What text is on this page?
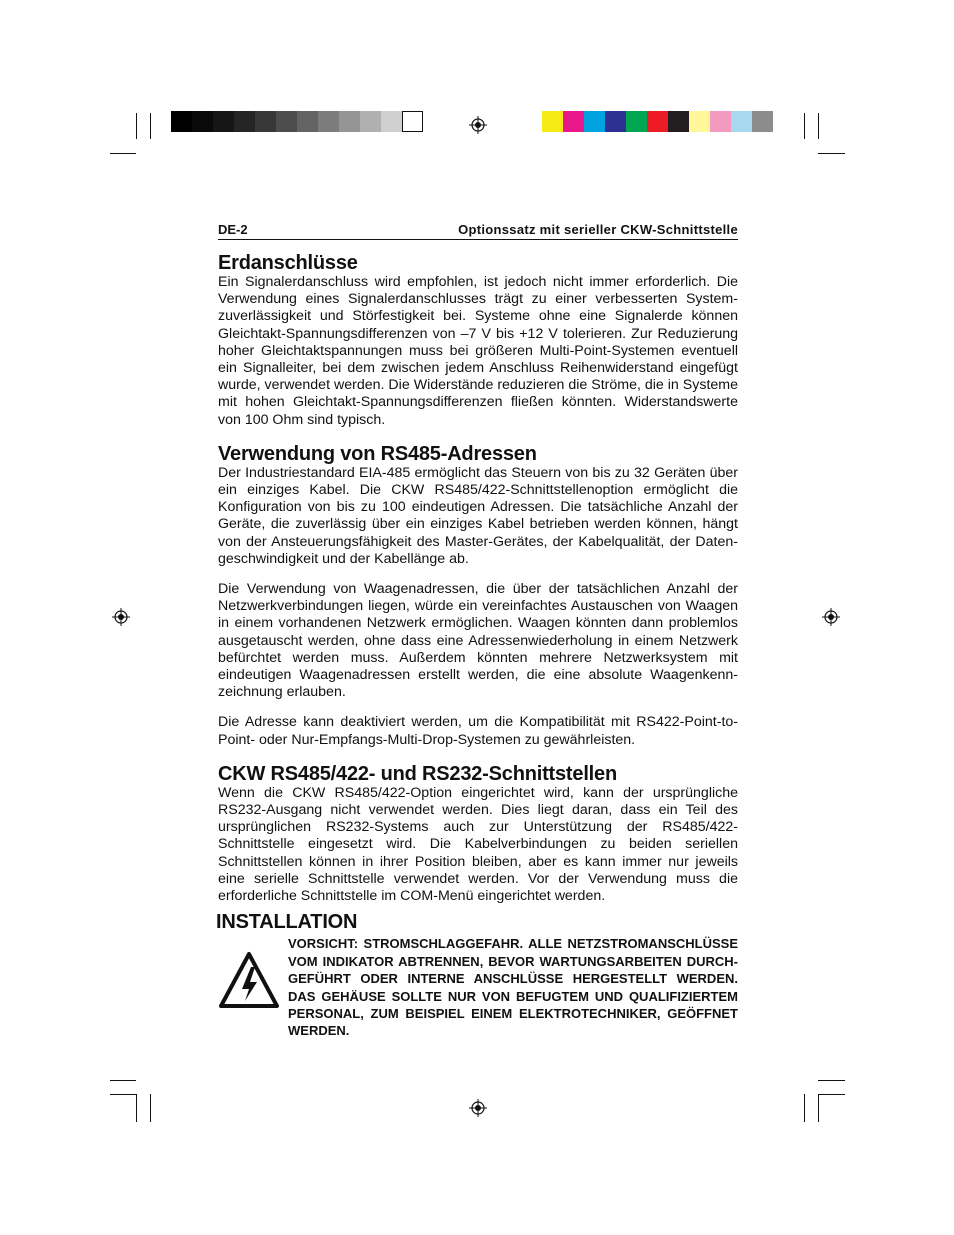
DE-2	Optionssatz mit serieller CKW-Schnittstelle
Erdanschlüsse

Ein Signalerdanschluss wird empfohlen, ist jedoch nicht immer erforderlich. Die Verwendung eines Signalerdanschlusses trägt zu einer verbesserten Systemzuverlässigkeit und Störfestigkeit bei. Systeme ohne eine Signalerde können Gleichtakt-Spannungsdifferenzen von –7 V bis +12 V tolerieren. Zur Reduzierung hoher Gleichtaktspannungen muss bei größeren Multi-Point-Systemen eventuell ein Signalleiter, bei dem zwischen jedem Anschluss Reihenwiderstand eingefügt wurde, verwendet werden. Die Widerstände reduzieren die Ströme, die in Systeme mit hohen Gleichtakt-Spannungsdifferenzen fließen könnten. Widerstandswerte von 100 Ohm sind typisch.

Verwendung von RS485-Adressen

Der Industriestandard EIA-485 ermöglicht das Steuern von bis zu 32 Geräten über ein einziges Kabel. Die CKW RS485/422-Schnittstellenoption ermöglicht die Konfiguration von bis zu 100 eindeutigen Adressen. Die tatsächliche Anzahl der Geräte, die zuverlässig über ein einziges Kabel betrieben werden können, hängt von der Ansteuerungsfähigkeit des Master-Gerätes, der Kabelqualität, der Datengeschwindigkeit und der Kabellänge ab.

Die Verwendung von Waagenadressen, die über der tatsächlichen Anzahl der Netzwerkverbindungen liegen, würde ein vereinfachtes Austauschen von Waagen in einem vorhandenen Netzwerk ermöglichen. Waagen könnten dann problemlos ausgetauscht werden, ohne dass eine Adressenwiederholung in einem Netzwerk befürchtet werden muss. Außerdem könnten mehrere Netzwerksystem mit eindeutigen Waagenadressen erstellt werden, die eine absolute Waagenkennzeichnung erlauben.

Die Adresse kann deaktiviert werden, um die Kompatibilität mit RS422-Point-to-Point- oder Nur-Empfangs-Multi-Drop-Systemen zu gewährleisten.

CKW RS485/422- und RS232-Schnittstellen

Wenn die CKW RS485/422-Option eingerichtet wird, kann der ursprüngliche RS232-Ausgang nicht verwendet werden. Dies liegt daran, dass ein Teil des ursprünglichen RS232-Systems auch zur Unterstützung der RS485/422-Schnittstelle eingesetzt wird. Die Kabelverbindungen zu beiden seriellen Schnittstellen können in ihrer Position bleiben, aber es kann immer nur jeweils eine serielle Schnittstelle verwendet werden. Vor der Verwendung muss die erforderliche Schnittstelle im COM-Menü eingerichtet werden.

INSTALLATION

VORSICHT: STROMSCHLAGGEFAHR. ALLE NETZSTROMANSCHLÜSSE VOM INDIKATOR ABTRENNEN, BEVOR WARTUNGSARBEITEN DURCHGEFÜHRT ODER INTERNE ANSCHLÜSSE HERGESTELLT WERDEN. DAS GEHÄUSE SOLLTE NUR VON BEFUGTEM UND QUALIFIZIERTEM PERSONAL, ZUM BEISPIEL EINEM ELEKTROTECHNIKER, GEÖFFNET WERDEN.
